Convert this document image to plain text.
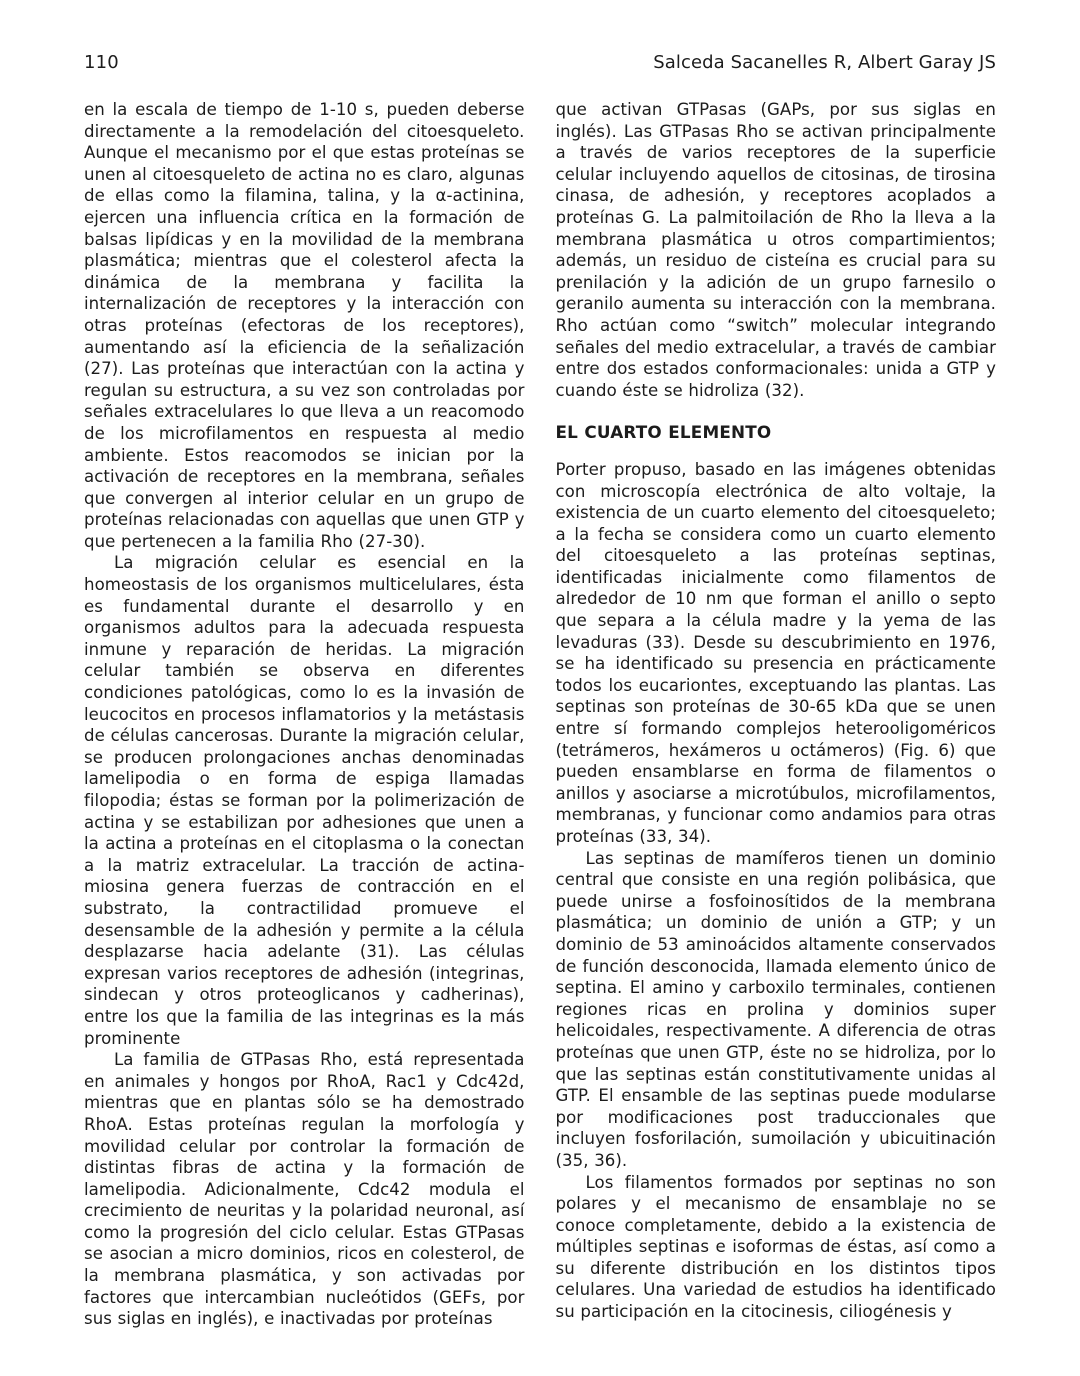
110	Salceda Sacanelles R, Albert Garay JS

en la escala de tiempo de 1-10 s, pueden deberse directamente a la remodelación del citoesqueleto. Aunque el mecanismo por el que estas proteínas se unen al citoesqueleto de actina no es claro, algunas de ellas como la filamina, talina, y la α-actinina, ejercen una influencia crítica en la formación de balsas lipídicas y en la movilidad de la membrana plasmática; mientras que el colesterol afecta la dinámica de la membrana y facilita la internalización de receptores y la interacción con otras proteínas (efectoras de los receptores), aumentando así la eficiencia de la señalización (27). Las proteínas que interactúan con la actina y regulan su estructura, a su vez son controladas por señales extracelulares lo que lleva a un reacomodo de los microfilamentos en respuesta al medio ambiente. Estos reacomodos se inician por la activación de receptores en la membrana, señales que convergen al interior celular en un grupo de proteínas relacionadas con aquellas que unen GTP y que pertenecen a la familia Rho (27-30).

La migración celular es esencial en la homeostasis de los organismos multicelulares, ésta es fundamental durante el desarrollo y en organismos adultos para la adecuada respuesta inmune y reparación de heridas. La migración celular también se observa en diferentes condiciones patológicas, como lo es la invasión de leucocitos en procesos inflamatorios y la metástasis de células cancerosas. Durante la migración celular, se producen prolongaciones anchas denominadas lamelipodia o en forma de espiga llamadas filopodia; éstas se forman por la polimerización de actina y se estabilizan por adhesiones que unen a la actina a proteínas en el citoplasma o la conectan a la matriz extracelular. La tracción de actina-miosina genera fuerzas de contracción en el substrato, la contractilidad promueve el desensamble de la adhesión y permite a la célula desplazarse hacia adelante (31). Las células expresan varios receptores de adhesión (integrinas, sindecan y otros proteoglicanos y cadherinas), entre los que la familia de las integrinas es la más prominente

La familia de GTPasas Rho, está representada en animales y hongos por RhoA, Rac1 y Cdc42d, mientras que en plantas sólo se ha demostrado RhoA. Estas proteínas regulan la morfología y movilidad celular por controlar la formación de distintas fibras de actina y la formación de lamelipodia. Adicionalmente, Cdc42 modula el crecimiento de neuritas y la polaridad neuronal, así como la progresión del ciclo celular. Estas GTPasas se asocian a micro dominios, ricos en colesterol, de la membrana plasmática, y son activadas por factores que intercambian nucleótidos (GEFs, por sus siglas en inglés), e inactivadas por proteínas

que activan GTPasas (GAPs, por sus siglas en inglés). Las GTPasas Rho se activan principalmente a través de varios receptores de la superficie celular incluyendo aquellos de citosinas, de tirosina cinasa, de adhesión, y receptores acoplados a proteínas G. La palmitoilación de Rho la lleva a la membrana plasmática u otros compartimientos; además, un residuo de cisteína es crucial para su prenilación y la adición de un grupo farnesilo o geranilo aumenta su interacción con la membrana. Rho actúan como “switch” molecular integrando señales del medio extracelular, a través de cambiar entre dos estados conformacionales: unida a GTP y cuando éste se hidroliza (32).

EL CUARTO ELEMENTO

Porter propuso, basado en las imágenes obtenidas con microscopía electrónica de alto voltaje, la existencia de un cuarto elemento del citoesqueleto; a la fecha se considera como un cuarto elemento del citoesqueleto a las proteínas septinas, identificadas inicialmente como filamentos de alrededor de 10 nm que forman el anillo o septo que separa a la célula madre y la yema de las levaduras (33). Desde su descubrimiento en 1976, se ha identificado su presencia en prácticamente todos los eucariontes, exceptuando las plantas. Las septinas son proteínas de 30-65 kDa que se unen entre sí formando complejos heterooligoméricos (tetrámeros, hexámeros u octámeros) (Fig. 6) que pueden ensamblarse en forma de filamentos o anillos y asociarse a microtúbulos, microfilamentos, membranas, y funcionar como andamios para otras proteínas (33, 34).

Las septinas de mamíferos tienen un dominio central que consiste en una región polibásica, que puede unirse a fosfoinosítidos de la membrana plasmática; un dominio de unión a GTP; y un dominio de 53 aminoácidos altamente conservados de función desconocida, llamada elemento único de septina. El amino y carboxilo terminales, contienen regiones ricas en prolina y dominios super helicoidales, respectivamente. A diferencia de otras proteínas que unen GTP, éste no se hidroliza, por lo que las septinas están constitutivamente unidas al GTP. El ensamble de las septinas puede modularse por modificaciones post traduccionales que incluyen fosforilación, sumoilación y ubicuitinación (35, 36).

Los filamentos formados por septinas no son polares y el mecanismo de ensamblaje no se conoce completamente, debido a la existencia de múltiples septinas e isoformas de éstas, así como a su diferente distribución en los distintos tipos celulares. Una variedad de estudios ha identificado su participación en la citocinesis, ciliogénesis y
